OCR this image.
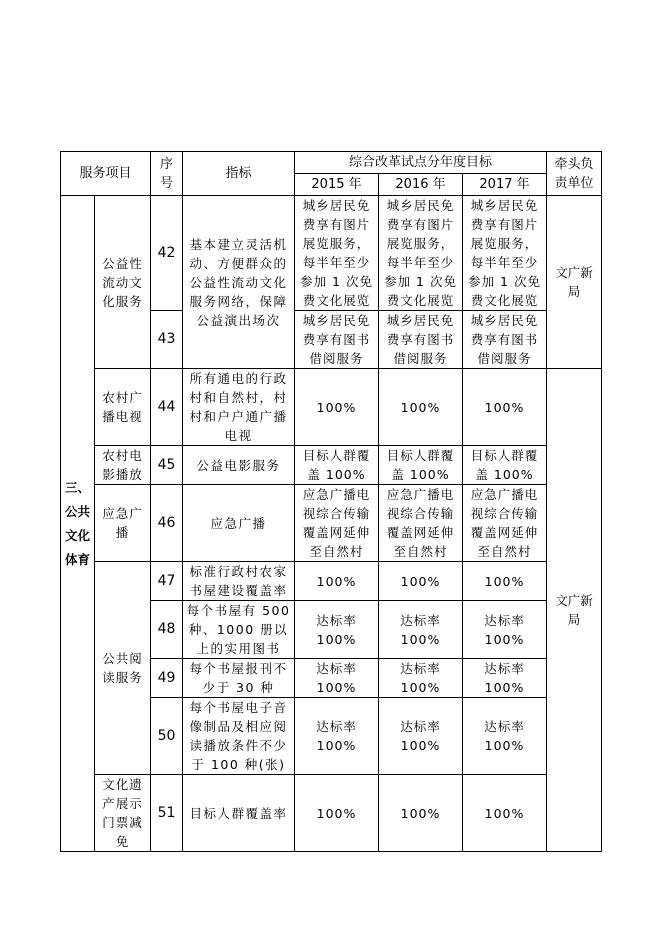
服务项目		序号	指标	综合改革试点分年度目标			牵头负责单位
				2015 年	2016 年	2017 年	
三、公共文化体育	公益性流动文化服务	42	基本建立灵活机动、方便群众的公益性流动文化服务网络，保障公益演出场次	城乡居民免费享有图片展览服务，每半年至少参加 1 次免费文化展览	城乡居民免费享有图片展览服务，每半年至少参加 1 次免费文化展览	城乡居民免费享有图片展览服务，每半年至少参加 1 次免费文化展览	文广新局
		43		城乡居民免费享有图书借阅服务	城乡居民免费享有图书借阅服务	城乡居民免费享有图书借阅服务	
	农村广播电视	44	所有通电的行政村和自然村，村村和户户通广播电视	100%	100%	100%	文广新局
	农村电影播放	45	公益电影服务	目标人群覆盖 100%	目标人群覆盖 100%	目标人群覆盖 100%	
	应急广播	46	应急广播	应急广播电视综合传输覆盖网延伸至自然村	应急广播电视综合传输覆盖网延伸至自然村	应急广播电视综合传输覆盖网延伸至自然村	
	公共阅读服务	47	标准行政村农家书屋建设覆盖率	100%	100%	100%	
		48	每个书屋有 500 种、1000 册以上的实用图书	达标率 100%	达标率 100%	达标率 100%	
		49	每个书屋报刊不少于 30 种	达标率 100%	达标率 100%	达标率 100%	
		50	每个书屋电子音像制品及相应阅读播放条件不少于 100 种(张)	达标率 100%	达标率 100%	达标率 100%	
	文化遗产展示门票减免	51	目标人群覆盖率	100%	100%	100%	
